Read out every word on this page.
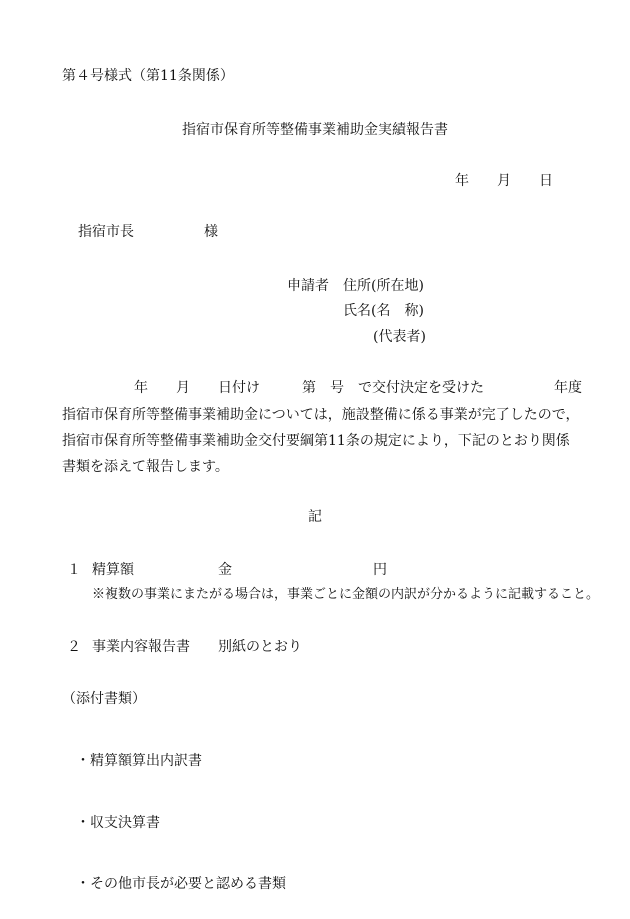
第４号様式（第11条関係）
指宿市保育所等整備事業補助金実績報告書
年　　月　　日
指宿市長　　　　　様
申請者 住所(所在地)
氏名(名　称)
(代表者)
年　　月　　日付け　　　第　号　で交付決定を受けた　　　　　年度
指宿市保育所等整備事業補助金については，施設整備に係る事業が完了したので，
指宿市保育所等整備事業補助金交付要綱第11条の規定により，下記のとおり関係
書類を添えて報告します。
記
１ 精算額	金	円
※複数の事業にまたがる場合は，事業ごとに金額の内訳が分かるように記載すること。
２ 事業内容報告書　　別紙のとおり
（添付書類）

・精算額算出内訳書

・収支決算書

・その他市長が必要と認める書類
